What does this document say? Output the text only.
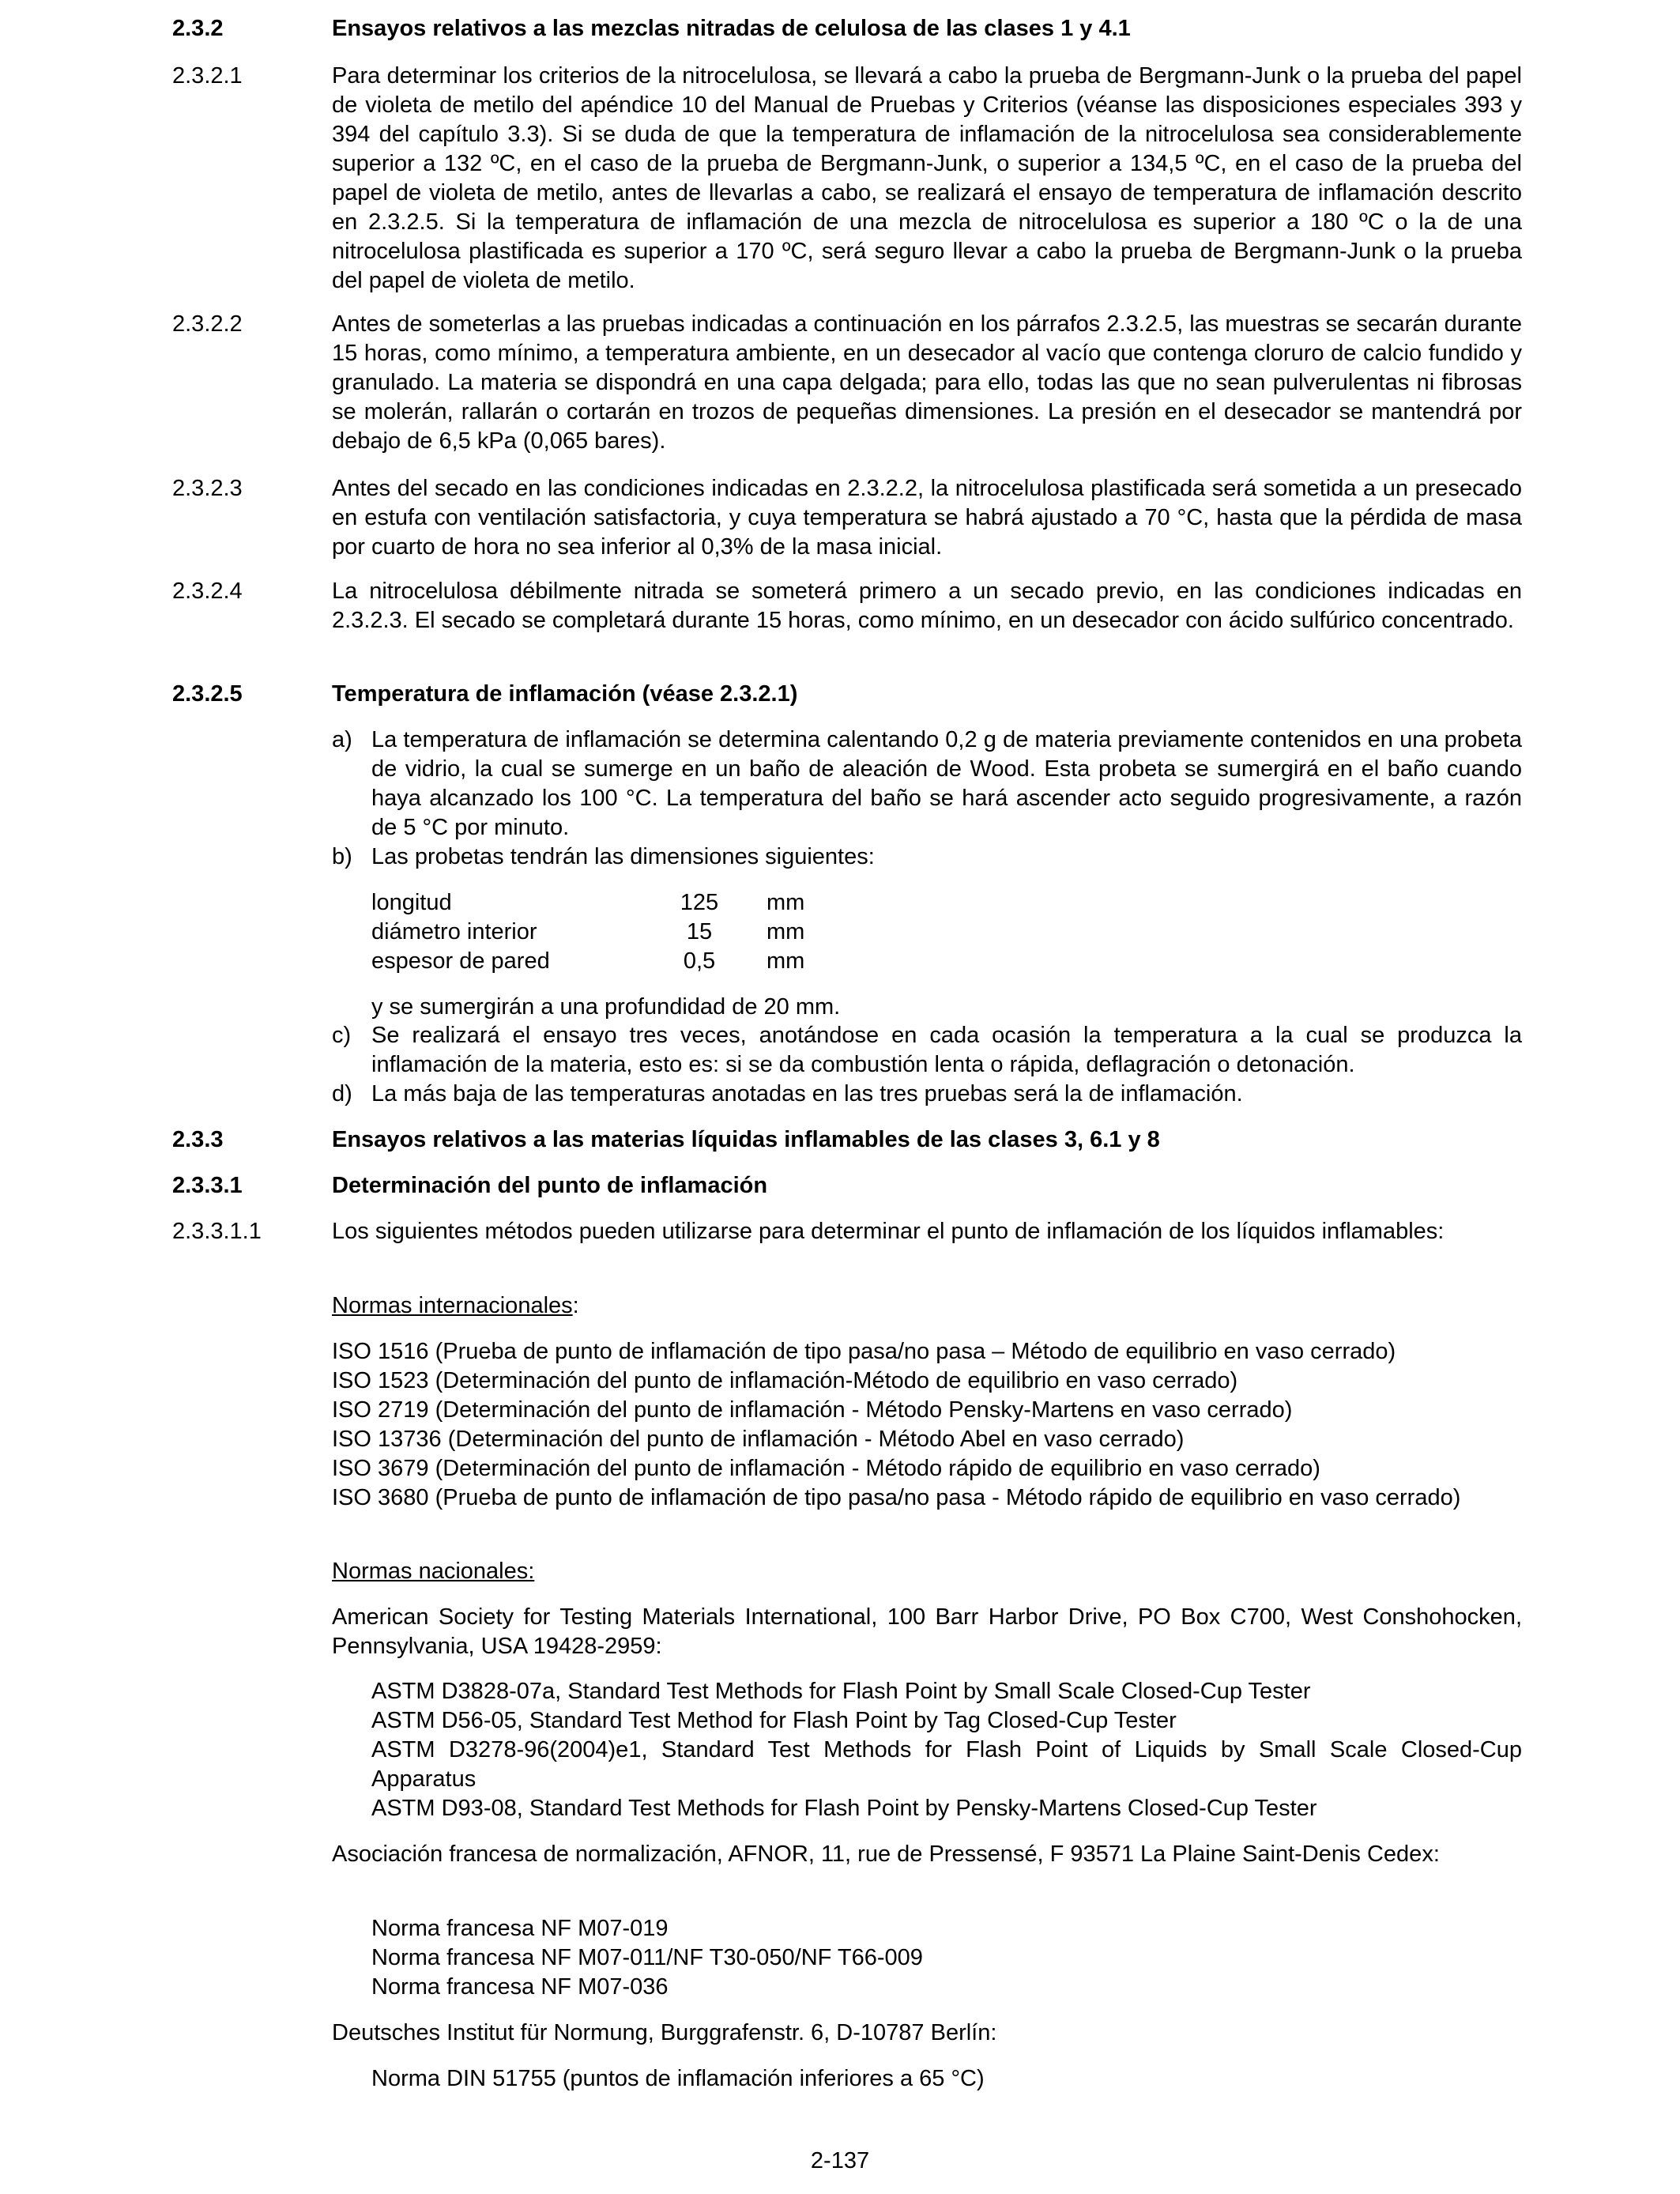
2.3.2	Ensayos relativos a las mezclas nitradas de celulosa de las clases 1 y 4.1
2.3.2.1	Para determinar los criterios de la nitrocelulosa, se llevará a cabo la prueba de Bergmann-Junk o la prueba del papel de violeta de metilo del apéndice 10 del Manual de Pruebas y Criterios (véanse las disposiciones especiales 393 y 394 del capítulo 3.3). Si se duda de que la temperatura de inflamación de la nitrocelulosa sea considerablemente superior a 132 ºC, en el caso de la prueba de Bergmann-Junk, o superior a 134,5 ºC, en el caso de la prueba del papel de violeta de metilo, antes de llevarlas a cabo, se realizará el ensayo de temperatura de inflamación descrito en 2.3.2.5. Si la temperatura de inflamación de una mezcla de nitrocelulosa es superior a 180 ºC o la de una nitrocelulosa plastificada es superior a 170 ºC, será seguro llevar a cabo la prueba de Bergmann-Junk o la prueba del papel de violeta de metilo.
2.3.2.2	Antes de someterlas a las pruebas indicadas a continuación en los párrafos 2.3.2.5, las muestras se secarán durante 15 horas, como mínimo, a temperatura ambiente, en un desecador al vacío que contenga cloruro de calcio fundido y granulado. La materia se dispondrá en una capa delgada; para ello, todas las que no sean pulverulentas ni fibrosas se molerán, rallarán o cortarán en trozos de pequeñas dimensiones. La presión en el desecador se mantendrá por debajo de 6,5 kPa (0,065 bares).
2.3.2.3	Antes del secado en las condiciones indicadas en 2.3.2.2, la nitrocelulosa plastificada será sometida a un presecado en estufa con ventilación satisfactoria, y cuya temperatura se habrá ajustado a 70 °C, hasta que la pérdida de masa por cuarto de hora no sea inferior al 0,3% de la masa inicial.
2.3.2.4	La nitrocelulosa débilmente nitrada se someterá primero a un secado previo, en las condiciones indicadas en 2.3.2.3. El secado se completará durante 15 horas, como mínimo, en un desecador con ácido sulfúrico concentrado.
2.3.2.5	Temperatura de inflamación (véase 2.3.2.1)
a) La temperatura de inflamación se determina calentando 0,2 g de materia previamente contenidos en una probeta de vidrio, la cual se sumerge en un baño de aleación de Wood. Esta probeta se sumergirá en el baño cuando haya alcanzado los 100 °C. La temperatura del baño se hará ascender acto seguido progresivamente, a razón de 5 °C por minuto.
b) Las probetas tendrán las dimensiones siguientes:
longitud	125	mm
diámetro interior	15	mm
espesor de pared	0,5	mm
y se sumergirán a una profundidad de 20 mm.
c) Se realizará el ensayo tres veces, anotándose en cada ocasión la temperatura a la cual se produzca la inflamación de la materia, esto es: si se da combustión lenta o rápida, deflagración o detonación.
d) La más baja de las temperaturas anotadas en las tres pruebas será la de inflamación.
2.3.3	Ensayos relativos a las materias líquidas inflamables de las clases 3, 6.1 y 8
2.3.3.1	Determinación del punto de inflamación
2.3.3.1.1	Los siguientes métodos pueden utilizarse para determinar el punto de inflamación de los líquidos inflamables:
Normas internacionales:
ISO 1516 (Prueba de punto de inflamación de tipo pasa/no pasa – Método de equilibrio en vaso cerrado)
ISO 1523 (Determinación del punto de inflamación-Método de equilibrio en vaso cerrado)
ISO 2719 (Determinación del punto de inflamación - Método Pensky-Martens en vaso cerrado)
ISO 13736 (Determinación del punto de inflamación - Método Abel en vaso cerrado)
ISO 3679 (Determinación del punto de inflamación - Método rápido de equilibrio en vaso cerrado)
ISO 3680 (Prueba de punto de inflamación de tipo pasa/no pasa - Método rápido de equilibrio en vaso cerrado)
Normas nacionales:
American Society for Testing Materials International, 100 Barr Harbor Drive, PO Box C700, West Conshohocken, Pennsylvania, USA 19428-2959:
ASTM D3828-07a, Standard Test Methods for Flash Point by Small Scale Closed-Cup Tester
ASTM D56-05, Standard Test Method for Flash Point by Tag Closed-Cup Tester
ASTM D3278-96(2004)e1, Standard Test Methods for Flash Point of Liquids by Small Scale Closed-Cup Apparatus
ASTM D93-08, Standard Test Methods for Flash Point by Pensky-Martens Closed-Cup Tester
Asociación francesa de normalización, AFNOR, 11, rue de Pressensé, F 93571 La Plaine Saint-Denis Cedex:
Norma francesa NF M07-019
Norma francesa NF M07-011/NF T30-050/NF T66-009
Norma francesa NF M07-036
Deutsches Institut für Normung, Burggrafenstr. 6, D-10787 Berlín:
Norma DIN 51755 (puntos de inflamación inferiores a 65 °C)
2-137
